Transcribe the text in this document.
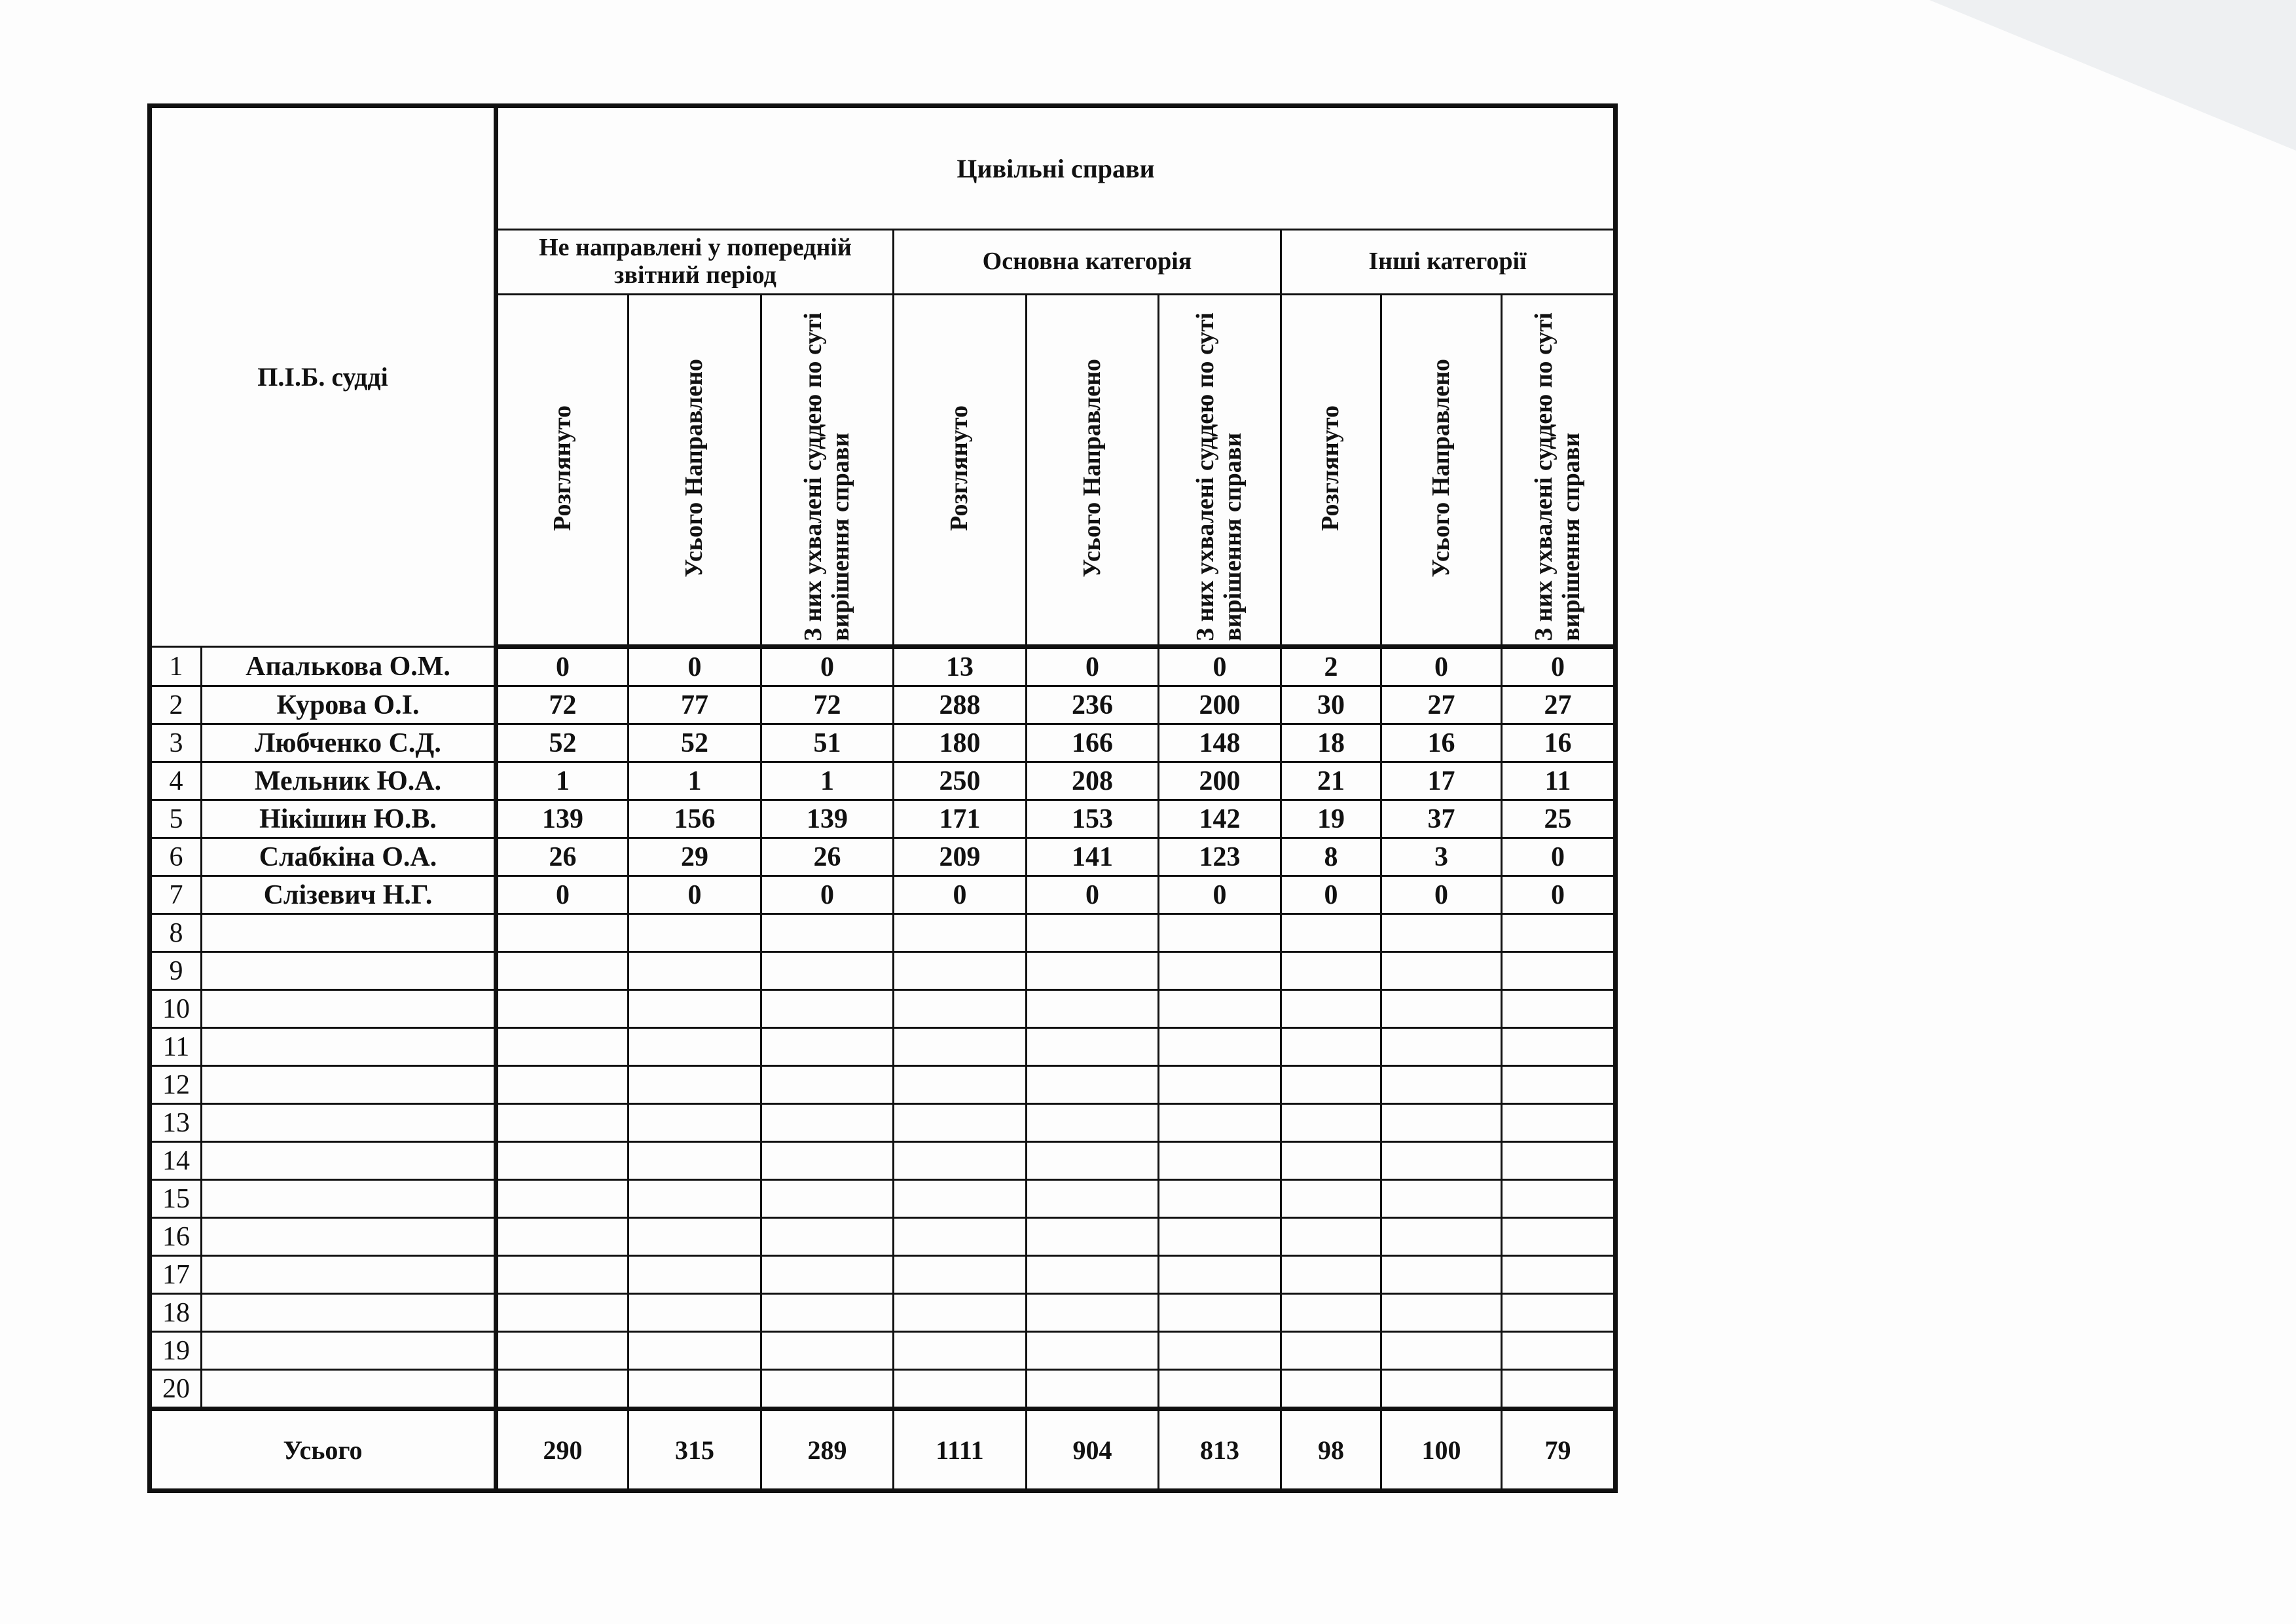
П.І.Б. судді		Цивільні справи								
		Не направлені у попередній звітний період			Основна категорія			Інші категорії		
		Розглянуто	Усього Направлено	З них ухвалені суддею по суті вирішення справи	Розглянуто	Усього Направлено	З них ухвалені суддею по суті вирішення справи	Розглянуто	Усього Направлено	З них ухвалені суддею по суті вирішення справи
1	Апалькова О.М.	0	0	0	13	0	0	2	0	0
2	Курова О.І.	72	77	72	288	236	200	30	27	27
3	Любченко С.Д.	52	52	51	180	166	148	18	16	16
4	Мельник Ю.А.	1	1	1	250	208	200	21	17	11
5	Нікішин Ю.В.	139	156	139	171	153	142	19	37	25
6	Слабкіна О.А.	26	29	26	209	141	123	8	3	0
7	Слізевич Н.Г.	0	0	0	0	0	0	0	0	0
8										
9										
10										
11										
12										
13										
14										
15										
16										
17										
18										
19										
20										
Усього		290	315	289	1111	904	813	98	100	79
